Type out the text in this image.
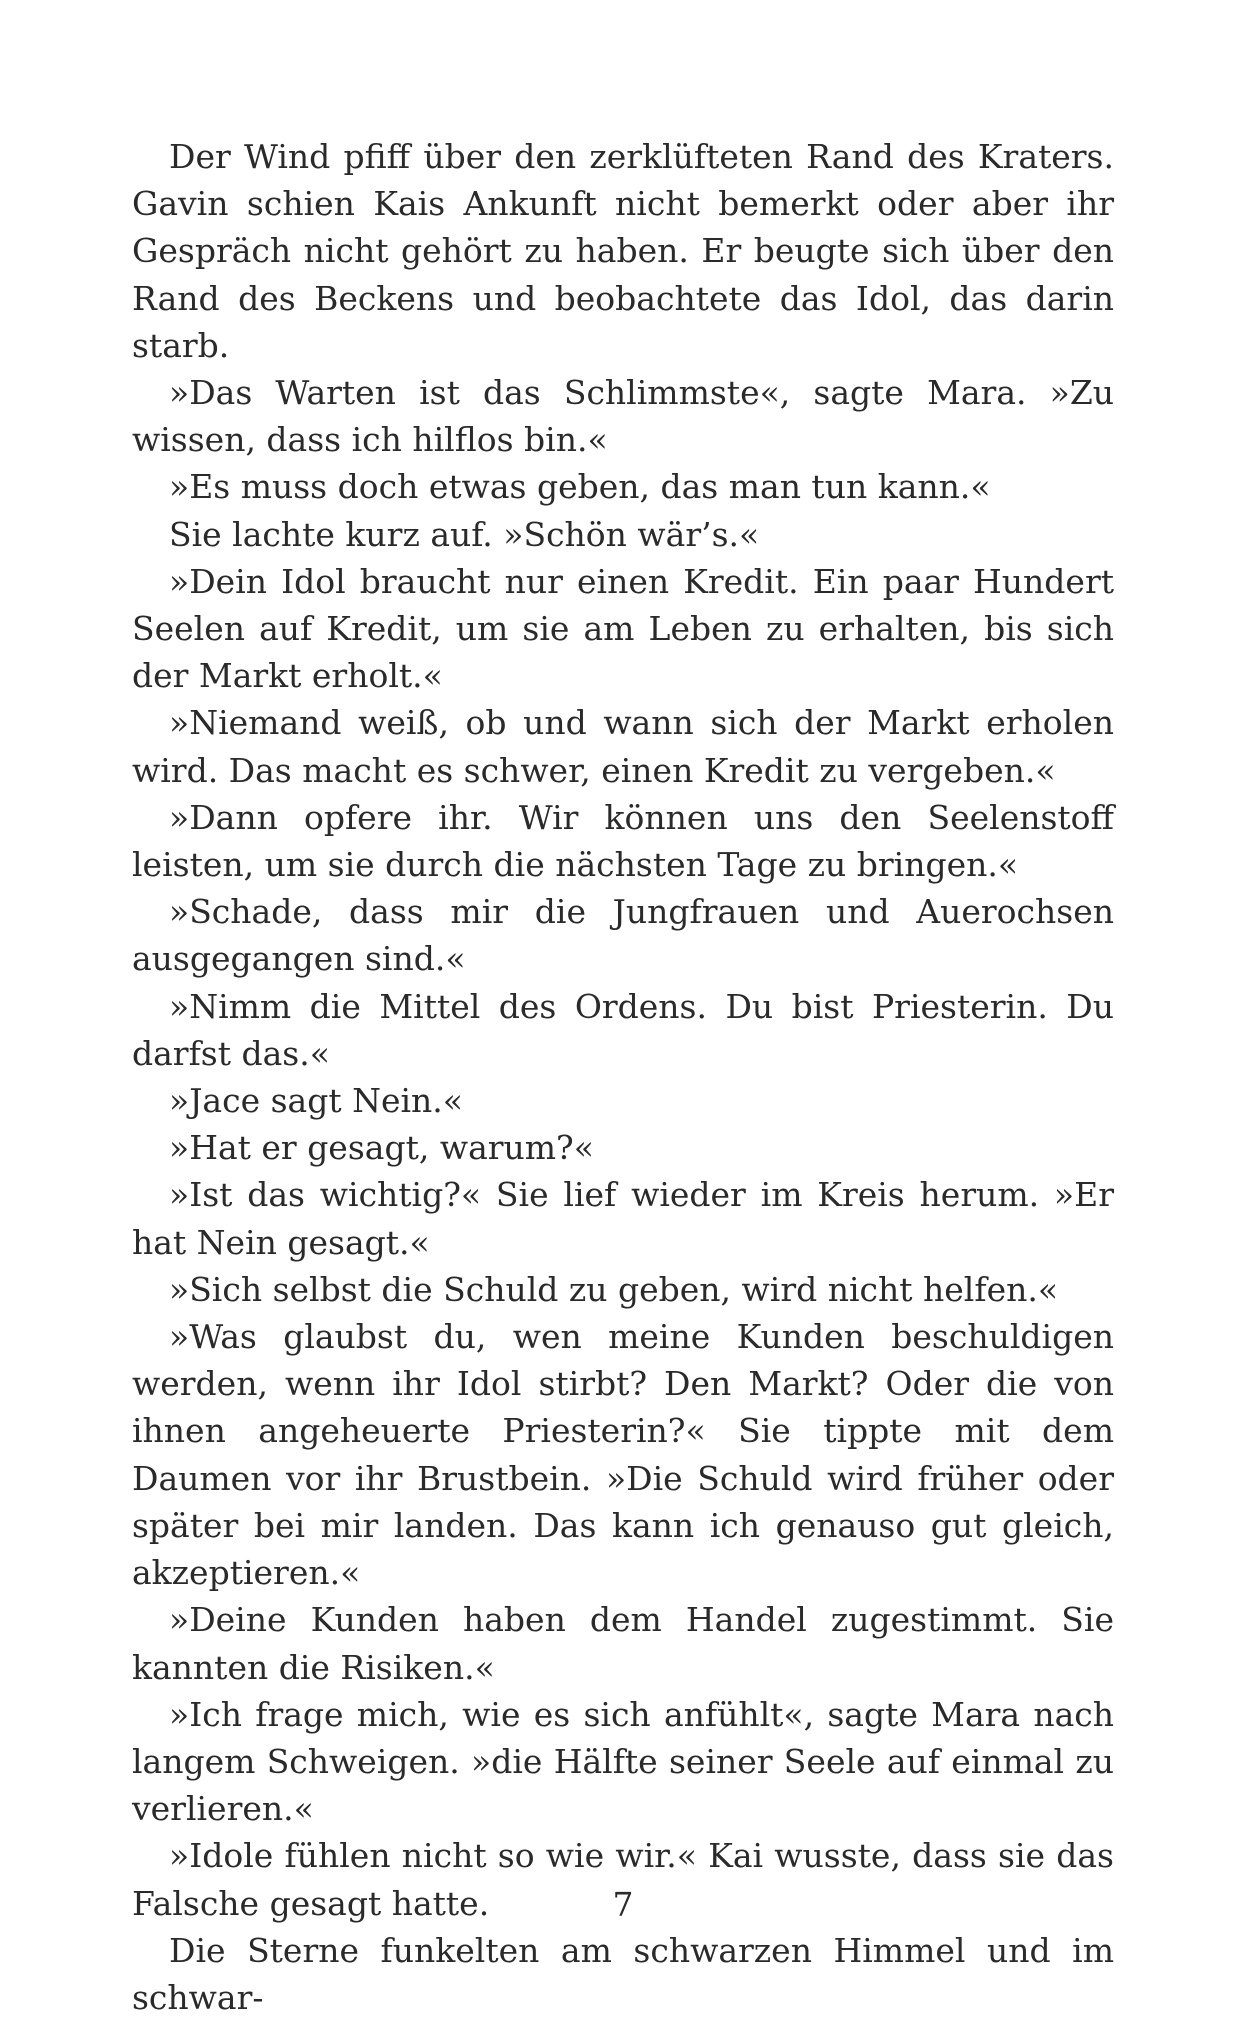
Der Wind pfiff über den zerklüfteten Rand des Kraters. Gavin schien Kais Ankunft nicht bemerkt oder aber ihr Gespräch nicht gehört zu haben. Er beugte sich über den Rand des Beckens und beobachtete das Idol, das darin starb.

»Das Warten ist das Schlimmste«, sagte Mara. »Zu wissen, dass ich hilflos bin.«

»Es muss doch etwas geben, das man tun kann.«

Sie lachte kurz auf. »Schön wär’s.«

»Dein Idol braucht nur einen Kredit. Ein paar Hundert Seelen auf Kredit, um sie am Leben zu erhalten, bis sich der Markt erholt.«

»Niemand weiß, ob und wann sich der Markt erholen wird. Das macht es schwer, einen Kredit zu vergeben.«

»Dann opfere ihr. Wir können uns den Seelenstoff leisten, um sie durch die nächsten Tage zu bringen.«

»Schade, dass mir die Jungfrauen und Auerochsen ausgegangen sind.«

»Nimm die Mittel des Ordens. Du bist Priesterin. Du darfst das.«

»Jace sagt Nein.«

»Hat er gesagt, warum?«

»Ist das wichtig?« Sie lief wieder im Kreis herum. »Er hat Nein gesagt.«

»Sich selbst die Schuld zu geben, wird nicht helfen.«

»Was glaubst du, wen meine Kunden beschuldigen werden, wenn ihr Idol stirbt? Den Markt? Oder die von ihnen angeheuerte Priesterin?« Sie tippte mit dem Daumen vor ihr Brustbein. »Die Schuld wird früher oder später bei mir landen. Das kann ich genauso gut gleich, akzeptieren.«

»Deine Kunden haben dem Handel zugestimmt. Sie kannten die Risiken.«

»Ich frage mich, wie es sich anfühlt«, sagte Mara nach langem Schweigen. »die Hälfte seiner Seele auf einmal zu verlieren.«

»Idole fühlen nicht so wie wir.« Kai wusste, dass sie das Falsche gesagt hatte.

Die Sterne funkelten am schwarzen Himmel und im schwar-

7
